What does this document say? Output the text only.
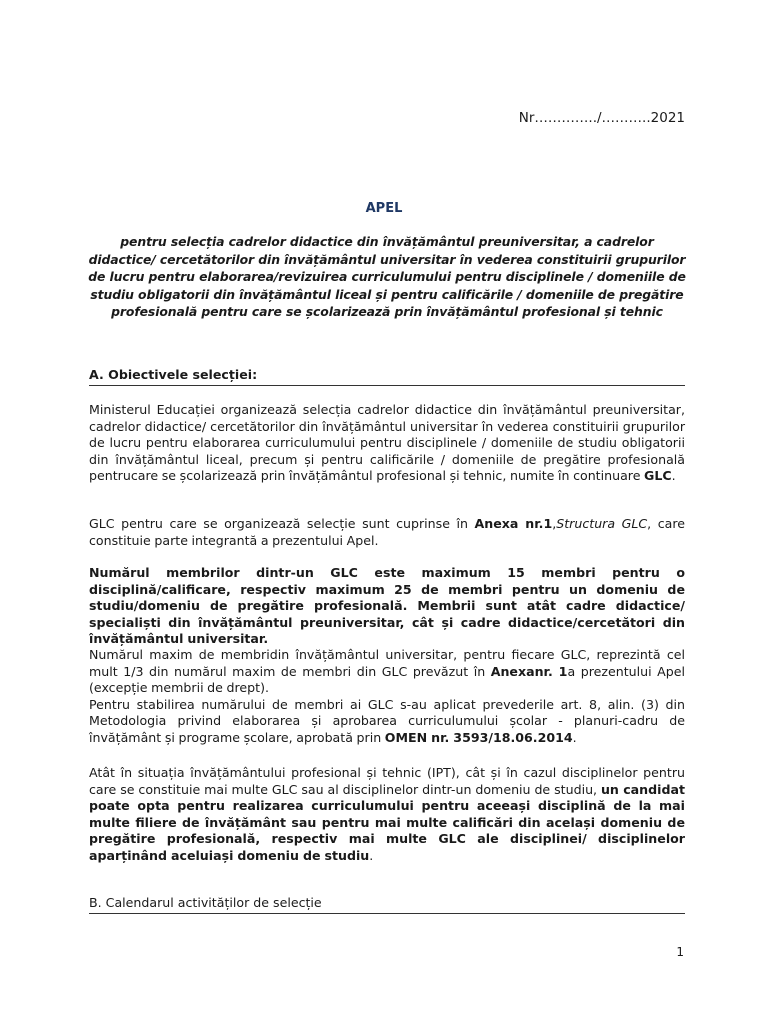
Nr…………../………..2021
APEL
pentru selecția cadrelor didactice din învățământul preuniversitar, a cadrelor didactice/ cercetătorilor din învățământul universitar în vederea constituirii grupurilor de lucru pentru elaborarea/revizuirea curriculumului pentru disciplinele / domeniile de studiu obligatorii din învățământul liceal și pentru calificările / domeniile de pregătire profesională pentru care se școlarizează prin învățământul profesional și tehnic
A. Obiectivele selecției:

Ministerul Educației organizează selecția cadrelor didactice din învățământul preuniversitar, cadrelor didactice/ cercetătorilor din învățământul universitar în vederea constituirii grupurilor de lucru pentru elaborarea curriculumului pentru disciplinele / domeniile de studiu obligatorii din învățământul liceal, precum și pentru calificările / domeniile de pregătire profesională pentrucare se școlarizează prin învățământul profesional și tehnic, numite în continuare GLC.

GLC pentru care se organizează selecție sunt cuprinse în Anexa nr.1,Structura GLC, care constituie parte integrantă a prezentului Apel.

Numărul membrilor dintr-un GLC este maximum 15 membri pentru o disciplină/calificare, respectiv maximum 25 de membri pentru un domeniu de studiu/domeniu de pregătire profesională. Membrii sunt atât cadre didactice/ specialiști din învățământul preuniversitar, cât și cadre didactice/cercetători din învățământul universitar.

Numărul maxim de membridin învățământul universitar, pentru fiecare GLC, reprezintă cel mult 1/3 din numărul maxim de membri din GLC prevăzut în Anexanr. 1a prezentului Apel (excepție membrii de drept).
Pentru stabilirea numărului de membri ai GLC s-au aplicat prevederile art. 8, alin. (3) din Metodologia privind elaborarea și aprobarea curriculumului școlar - planuri-cadru de învățământ și programe școlare, aprobată prin OMEN nr. 3593/18.06.2014.

Atât în situația învățământului profesional și tehnic (IPT), cât și în cazul disciplinelor pentru care se constituie mai multe GLC sau al disciplinelor dintr-un domeniu de studiu, un candidat poate opta pentru realizarea curriculumului pentru aceeași disciplină de la mai multe filiere de învățământ sau pentru mai multe calificări din același domeniu de pregătire profesională, respectiv mai multe GLC ale disciplinei/ disciplinelor aparținând aceluiași domeniu de studiu.

B. Calendarul activităților de selecție
1
